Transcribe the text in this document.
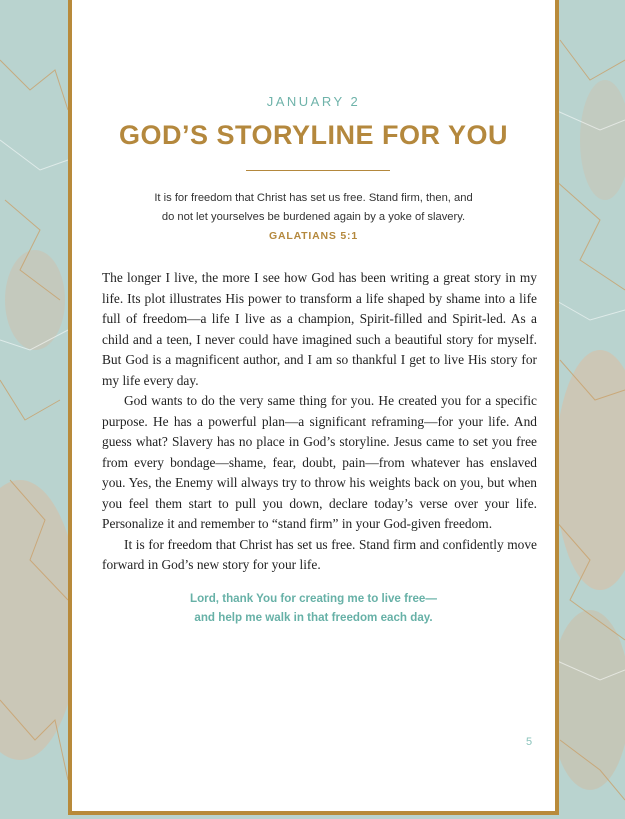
JANUARY 2
GOD’S STORYLINE FOR YOU
It is for freedom that Christ has set us free. Stand firm, then, and
do not let yourselves be burdened again by a yoke of slavery.
GALATIANS 5:1

The longer I live, the more I see how God has been writing a great story in my life. Its plot illustrates His power to transform a life shaped by shame into a life full of freedom—a life I live as a champion, Spirit-filled and Spirit-led. As a child and a teen, I never could have imagined such a beautiful story for myself. But God is a magnificent author, and I am so thankful I get to live His story for my life every day.

God wants to do the very same thing for you. He created you for a specific purpose. He has a powerful plan—a significant reframing—for your life. And guess what? Slavery has no place in God’s storyline. Jesus came to set you free from every bondage—shame, fear, doubt, pain—from whatever has enslaved you. Yes, the Enemy will always try to throw his weights back on you, but when you feel them start to pull you down, declare today’s verse over your life. Personalize it and remember to “stand firm” in your God-given freedom.

It is for freedom that Christ has set us free. Stand firm and confidently move forward in God’s new story for your life.

Lord, thank You for creating me to live free—
and help me walk in that freedom each day.
5
